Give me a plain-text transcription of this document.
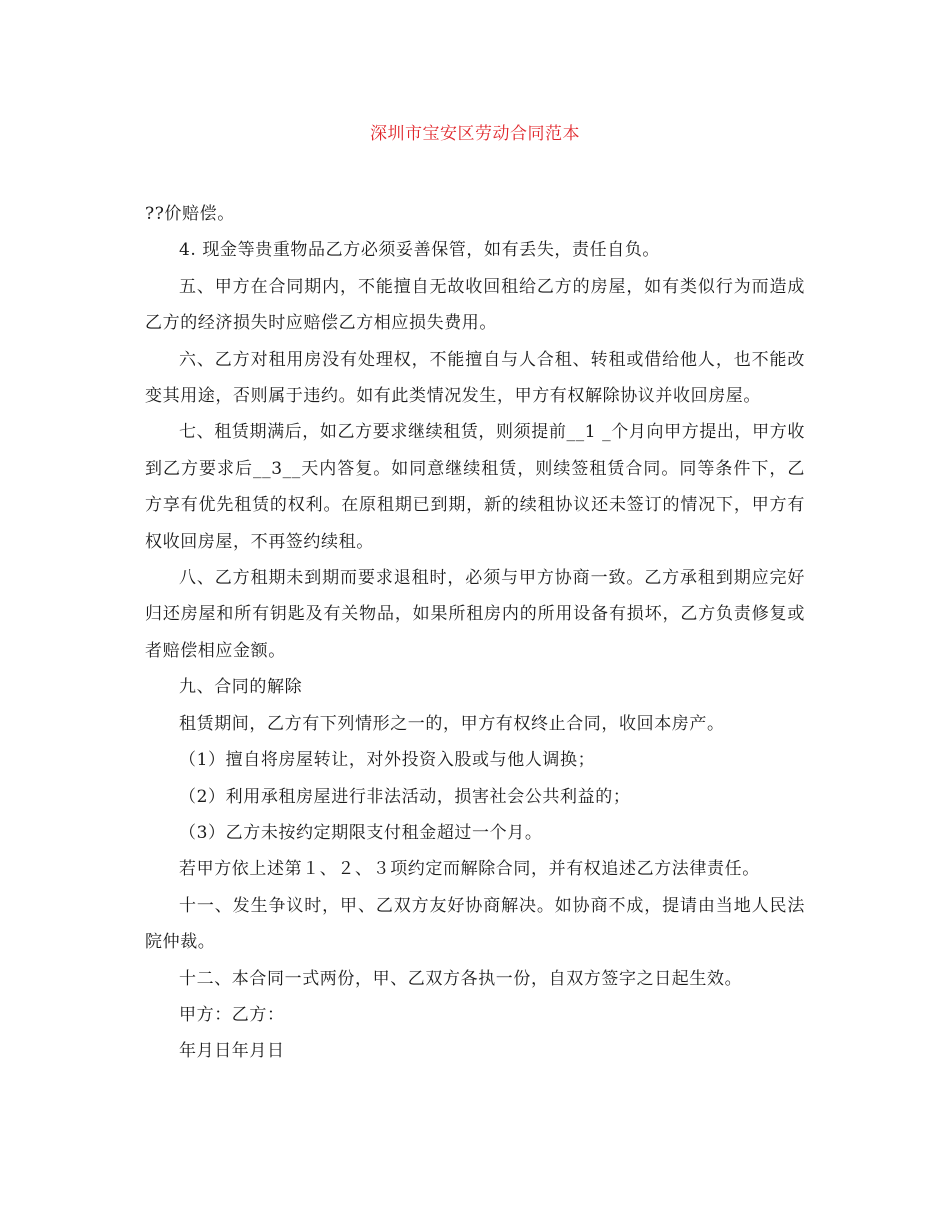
深圳市宝安区劳动合同范本

??价赔偿。

4. 现金等贵重物品乙方必须妥善保管，如有丢失，责任自负。

五、甲方在合同期内，不能擅自无故收回租给乙方的房屋，如有类似行为而造成乙方的经济损失时应赔偿乙方相应损失费用。

六、乙方对租用房没有处理权，不能擅自与人合租、转租或借给他人，也不能改变其用途，否则属于违约。如有此类情况发生，甲方有权解除协议并收回房屋。

七、租赁期满后，如乙方要求继续租赁，则须提前__1 _个月向甲方提出，甲方收到乙方要求后__3__天内答复。如同意继续租赁，则续签租赁合同。同等条件下，乙方享有优先租赁的权利。在原租期已到期，新的续租协议还未签订的情况下，甲方有权收回房屋，不再签约续租。

八、乙方租期未到期而要求退租时，必须与甲方协商一致。乙方承租到期应完好归还房屋和所有钥匙及有关物品，如果所租房内的所用设备有损坏，乙方负责修复或者赔偿相应金额。

九、合同的解除

租赁期间，乙方有下列情形之一的，甲方有权终止合同，收回本房产。

（1）擅自将房屋转让，对外投资入股或与他人调换；

（2）利用承租房屋进行非法活动，损害社会公共利益的；

（3）乙方未按约定期限支付租金超过一个月。

若甲方依上述第１、２、３项约定而解除合同，并有权追述乙方法律责任。

十一、发生争议时，甲、乙双方友好协商解决。如协商不成，提请由当地人民法院仲裁。

十二、本合同一式两份，甲、乙双方各执一份，自双方签字之日起生效。

甲方：乙方：

年月日年月日
